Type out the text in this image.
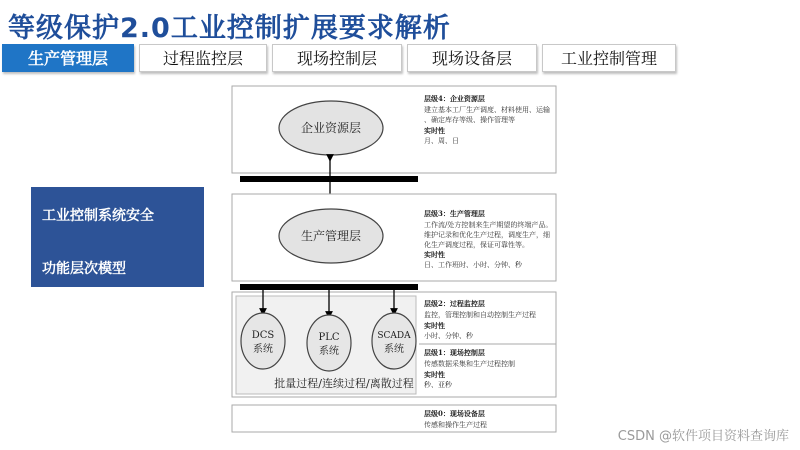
等级保护2.0工业控制扩展要求解析
生产管理层	过程监控层	现场控制层	现场设备层	工业控制管理
工业控制系统安全
功能层次模型
企业资源层
层级4：企业资源层
建立基本工厂生产调度、材料使用、运输
、确定库存等级、操作管理等
实时性
月、周、日
生产管理层
层级3：生产管理层
工作流/处方控制来生产期望的终端产品。
维护记录和优化生产过程，调度生产，细
化生产调度过程，保证可靠性等。
实时性
日、工作班时、小时、分钟、秒
DCS
系统
PLC
系统
SCADA
系统
批量过程/连续过程/离散过程
层级2：过程监控层
监控，管理控制和自动控制生产过程
实时性
小时、分钟、秒
层级1：现场控制层
传感数据采集和生产过程控制
实时性
秒、亚秒
层级0：现场设备层
传感和操作生产过程
CSDN @软件项目资料查询库
